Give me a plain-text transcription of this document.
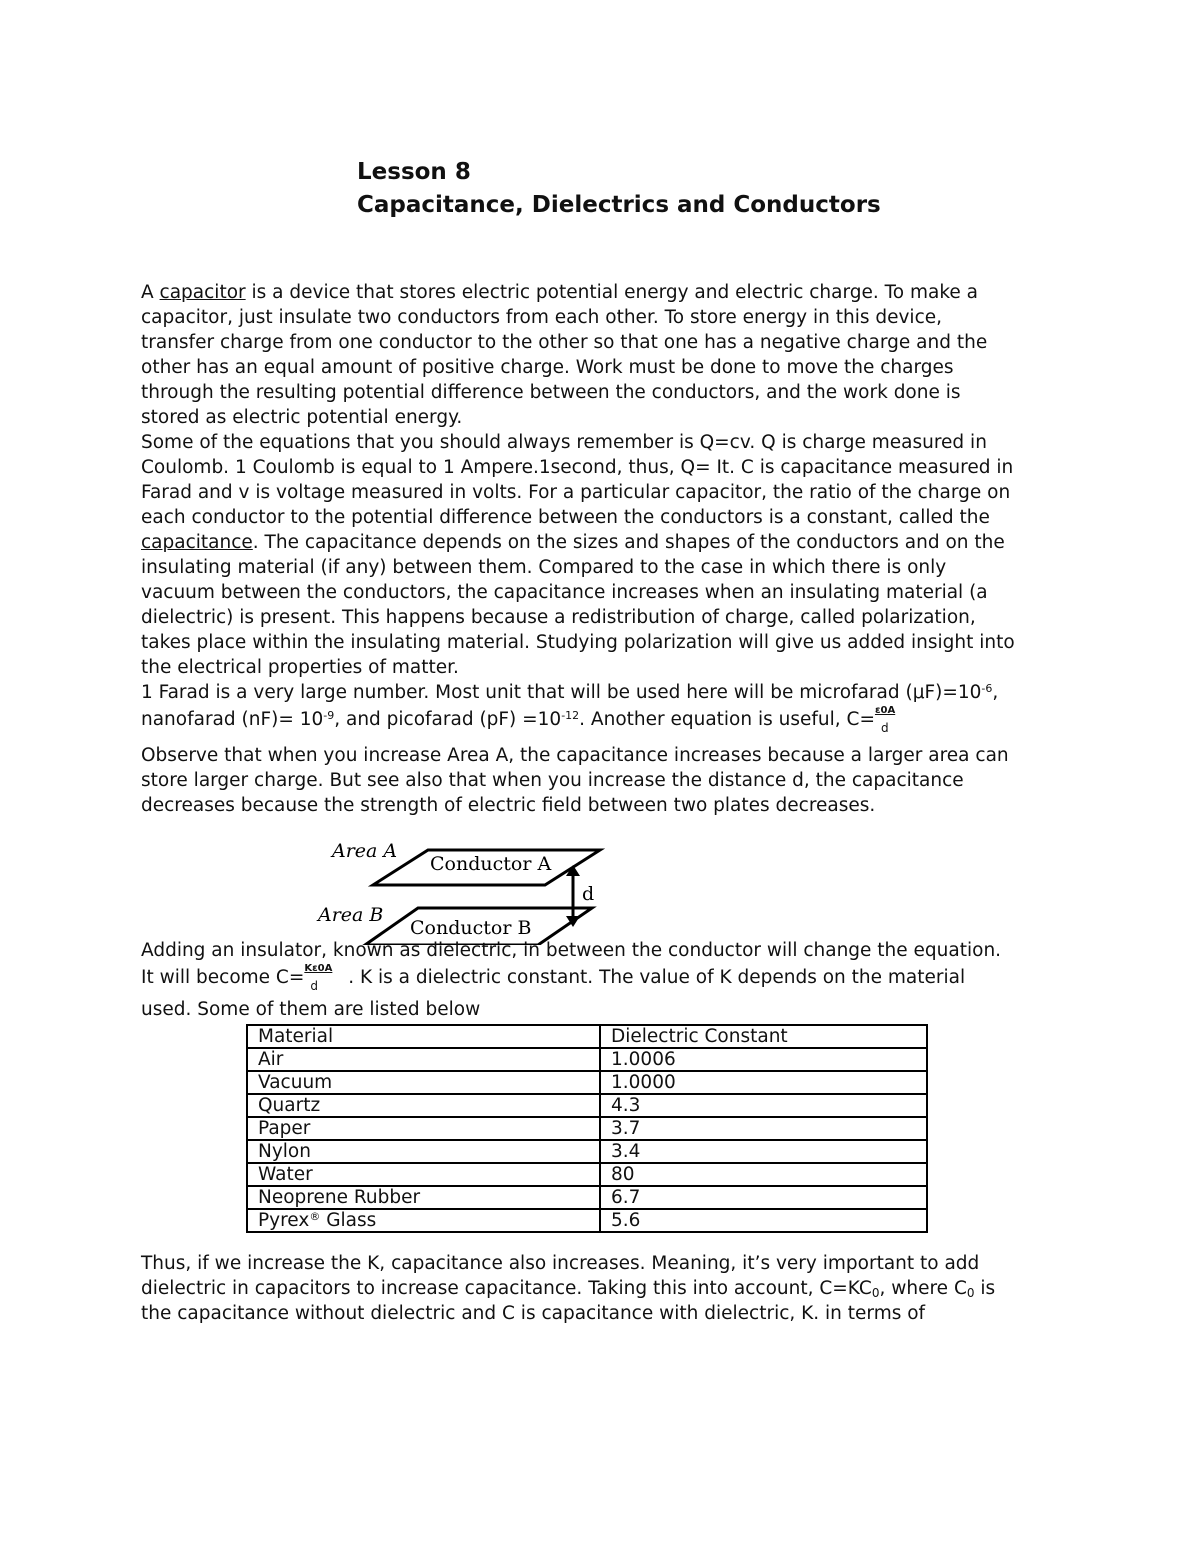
Lesson 8
Capacitance, Dielectrics and Conductors
A capacitor is a device that stores electric potential energy and electric charge. To make a
capacitor, just insulate two conductors from each other. To store energy in this device,
transfer charge from one conductor to the other so that one has a negative charge and the
other has an equal amount of positive charge. Work must be done to move the charges
through the resulting potential difference between the conductors, and the work done is
stored as electric potential energy.
Some of the equations that you should always remember is Q=cv. Q is charge measured in
Coulomb. 1 Coulomb is equal to 1 Ampere.1second, thus, Q= It. C is capacitance measured in
Farad and v is voltage measured in volts. For a particular capacitor, the ratio of the charge on
each conductor to the potential difference between the conductors is a constant, called the
capacitance. The capacitance depends on the sizes and shapes of the conductors and on the
insulating material (if any) between them. Compared to the case in which there is only
vacuum between the conductors, the capacitance increases when an insulating material (a
dielectric) is present. This happens because a redistribution of charge, called polarization,
takes place within the insulating material. Studying polarization will give us added insight into
the electrical properties of matter.
1 Farad is a very large number. Most unit that will be used here will be microfarad $(\mu F)=10^{-6}$,
nanofarad $(nF)= 10^{-9}$, and picofarad $(pF) =10^{-12}$. Another equation is useful, $C= \frac{\text{ɛ0A}}{d}$
Observe that when you increase Area A, the capacitance increases because a larger area can
store larger charge. But see also that when you increase the distance d, the capacitance
decreases because the strength of electric field between two plates decreases.
Area A
Conductor A
d
Area B
Conductor B
Adding an insulator, known as dielectric, in between the conductor will change the equation.
It will become $C= \frac{\text{Kɛ0A}}{d}$ . K is a dielectric constant. The value of K depends on the material
used. Some of them are listed below
Material	Dielectric Constant
Air	1.0006
Vacuum	1.0000
Quartz	4.3
Paper	3.7
Nylon	3.4
Water	80
Neoprene Rubber	6.7
Pyrex® Glass	5.6
Thus, if we increase the K, capacitance also increases. Meaning, it’s very important to add
dielectric in capacitors to increase capacitance. Taking this into account, $C=KC_0$, where $C_0$ is
the capacitance without dielectric and C is capacitance with dielectric, K. in terms of
